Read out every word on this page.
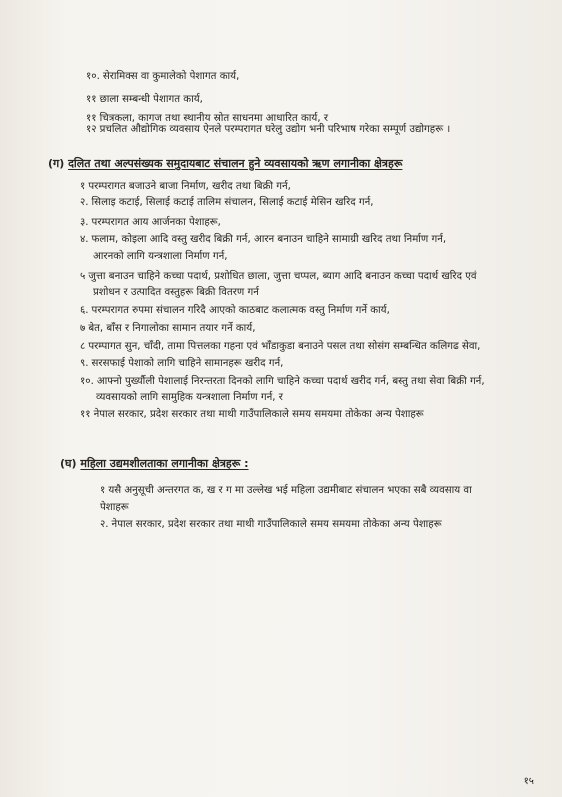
१०. सेरामिक्स वा कुमालेको पेशागत कार्य,
११ छाला सम्बन्धी पेशागत कार्य,
११ चित्रकला, कागज तथा स्थानीय स्रोत साधनमा आधारित कार्य, र
१२ प्रचलित औद्योगिक व्यवसाय ऐनले परम्परागत घरेलु उद्योग भनी परिभाष गरेका सम्पूर्ण उद्योगहरू ।
(ग) दलित तथा अल्पसंख्यक समुदायबाट संचालन हुने व्यवसायको ऋण लगानीका क्षेत्रहरू
१ परम्परागत बजाउने बाजा निर्माण, खरीद तथा बिक्री गर्न,
२. सिलाइ कटाई, सिलाई कटाई तालिम संचालन, सिलाई कटाई मेसिन खरिद गर्न,
३. परम्परागत आय आर्जनका पेशाहरू,
४. फलाम, कोइला आदि वस्तु खरीद बिक्री गर्न, आरन बनाउन चाहिने सामाग्री खरिद तथा निर्माण गर्न,
आरनको लागि यन्त्रशाला निर्माण गर्न,
५ जुत्ता बनाउन चाहिने कच्चा पदार्थ, प्रशोधित छाला, जुत्ता चप्पल, ब्याग आदि बनाउन कच्चा पदार्थ खरिद एवं
प्रशोधन र उत्पादित वस्तुहरू बिक्री वितरण गर्न
६. परम्परागत रुपमा संचालन गरिदै आएको काठबाट कलात्मक वस्तु निर्माण गर्ने कार्य,
७ बेत, बाँस र निगालोका सामान तयार गर्ने कार्य,
८ परम्पागत सुन, चाँदी, तामा पित्तलका गहना एवं भाँडाकुडा बनाउने पसल तथा सोसंग सम्बन्धित कलिगढ सेवा,
९. सरसफाई पेशाको लागि चाहिने सामानहरू खरीद गर्न,
१०. आफ्नो पुर्ख्यौली पेशालाई निरन्तरता दिनको लागि चाहिने कच्चा पदार्थ खरीद गर्न, बस्तु तथा सेवा बिक्री गर्न,
व्यवसायको लागि सामुहिक यन्त्रशाला निर्माण गर्न, र
११ नेपाल सरकार, प्रदेश सरकार तथा माथी गाउँपालिकाले समय समयमा तोकेका अन्य पेशाहरू
(घ) महिला उद्यमशीलताका लगानीका क्षेत्रहरू :
१ यसै अनुसूची अन्तरगत क, ख र ग मा उल्लेख भई महिला उद्यमीबाट संचालन भएका सबै व्यवसाय वा
पेशाहरू
२. नेपाल सरकार, प्रदेश सरकार तथा माथी गाउँपालिकाले समय समयमा तोकेका अन्य पेशाहरू
१५
